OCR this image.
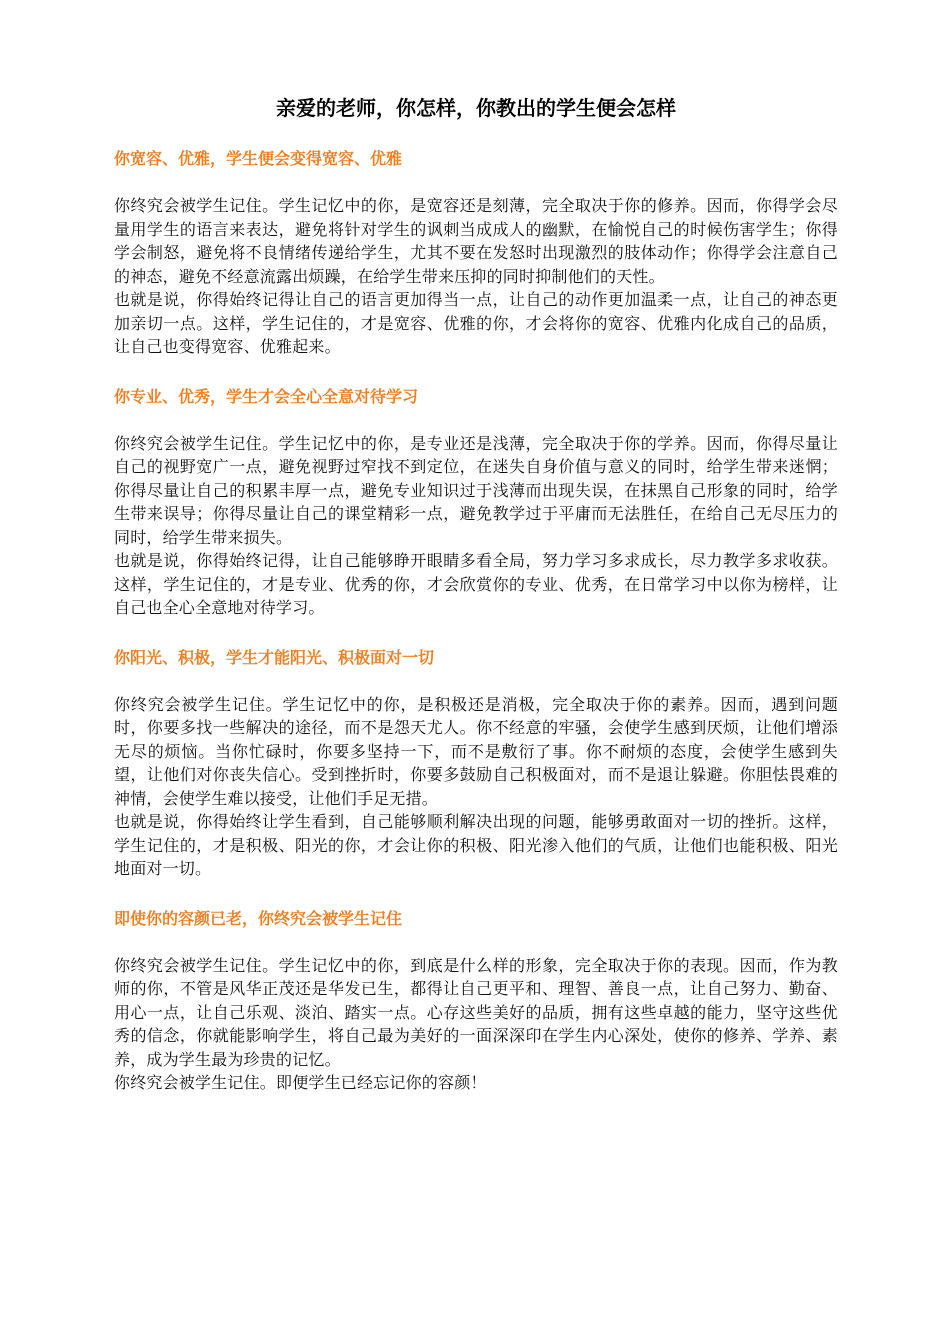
亲爱的老师，你怎样，你教出的学生便会怎样
你宽容、优雅，学生便会变得宽容、优雅

你终究会被学生记住。学生记忆中的你，是宽容还是刻薄，完全取决于你的修养。因而，你得学会尽量用学生的语言来表达，避免将针对学生的讽刺当成成人的幽默，在愉悦自己的时候伤害学生；你得学会制怒，避免将不良情绪传递给学生，尤其不要在发怒时出现激烈的肢体动作；你得学会注意自己的神态，避免不经意流露出烦躁，在给学生带来压抑的同时抑制他们的天性。

也就是说，你得始终记得让自己的语言更加得当一点，让自己的动作更加温柔一点，让自己的神态更加亲切一点。这样，学生记住的，才是宽容、优雅的你，才会将你的宽容、优雅内化成自己的品质，让自己也变得宽容、优雅起来。

你专业、优秀，学生才会全心全意对待学习

你终究会被学生记住。学生记忆中的你，是专业还是浅薄，完全取决于你的学养。因而，你得尽量让自己的视野宽广一点，避免视野过窄找不到定位，在迷失自身价值与意义的同时，给学生带来迷惘；你得尽量让自己的积累丰厚一点，避免专业知识过于浅薄而出现失误，在抹黑自己形象的同时，给学生带来误导；你得尽量让自己的课堂精彩一点，避免教学过于平庸而无法胜任，在给自己无尽压力的同时，给学生带来损失。

也就是说，你得始终记得，让自己能够睁开眼睛多看全局，努力学习多求成长，尽力教学多求收获。这样，学生记住的，才是专业、优秀的你，才会欣赏你的专业、优秀，在日常学习中以你为榜样，让自己也全心全意地对待学习。

你阳光、积极，学生才能阳光、积极面对一切

你终究会被学生记住。学生记忆中的你，是积极还是消极，完全取决于你的素养。因而，遇到问题时，你要多找一些解决的途径，而不是怨天尤人。你不经意的牢骚，会使学生感到厌烦，让他们增添无尽的烦恼。当你忙碌时，你要多坚持一下，而不是敷衍了事。你不耐烦的态度，会使学生感到失望，让他们对你丧失信心。受到挫折时，你要多鼓励自己积极面对，而不是退让躲避。你胆怯畏难的神情，会使学生难以接受，让他们手足无措。

也就是说，你得始终让学生看到，自己能够顺利解决出现的问题，能够勇敢面对一切的挫折。这样，学生记住的，才是积极、阳光的你，才会让你的积极、阳光渗入他们的气质，让他们也能积极、阳光地面对一切。

即使你的容颜已老，你终究会被学生记住

你终究会被学生记住。学生记忆中的你，到底是什么样的形象，完全取决于你的表现。因而，作为教师的你，不管是风华正茂还是华发已生，都得让自己更平和、理智、善良一点，让自己努力、勤奋、用心一点，让自己乐观、淡泊、踏实一点。心存这些美好的品质，拥有这些卓越的能力，坚守这些优秀的信念，你就能影响学生，将自己最为美好的一面深深印在学生内心深处，使你的修养、学养、素养，成为学生最为珍贵的记忆。

你终究会被学生记住。即便学生已经忘记你的容颜！
